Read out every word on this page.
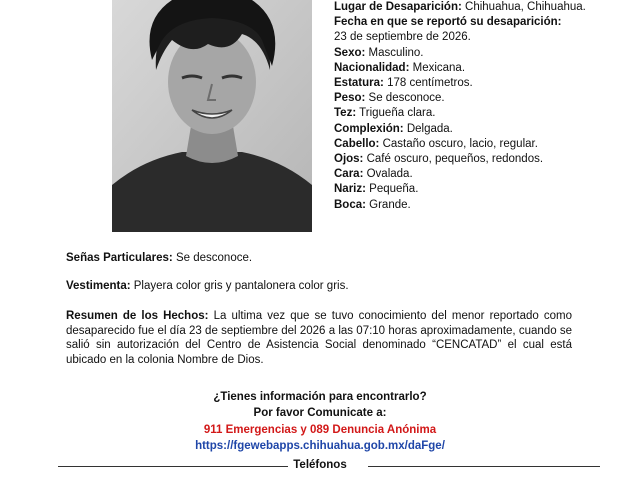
Lugar de Desaparición: Chihuahua, Chihuahua.
Fecha en que se reportó su desaparición:
23 de septiembre de 2026.
Sexo: Masculino.
Nacionalidad: Mexicana.
Estatura: 178 centímetros.
Peso: Se desconoce.
Tez: Trigueña clara.
Complexión: Delgada.
Cabello: Castaño oscuro, lacio, regular.
Ojos: Café oscuro, pequeños, redondos.
Cara: Ovalada.
Nariz: Pequeña.
Boca: Grande.
Señas Particulares: Se desconoce.
Vestimenta: Playera color gris y pantalonera color gris.
Resumen de los Hechos: La ultima vez que se tuvo conocimiento del menor reportado como desaparecido fue el día 23 de septiembre del 2026 a las 07:10 horas aproximadamente, cuando se salió sin autorización del Centro de Asistencia Social denominado “CENCATAD” el cual está ubicado en la colonia Nombre de Dios.
¿Tienes información para encontrarlo?
Por favor Comunicate a:
911 Emergencias y 089 Denuncia Anónima
https://fgewebapps.chihuahua.gob.mx/daFge/
Teléfonos
